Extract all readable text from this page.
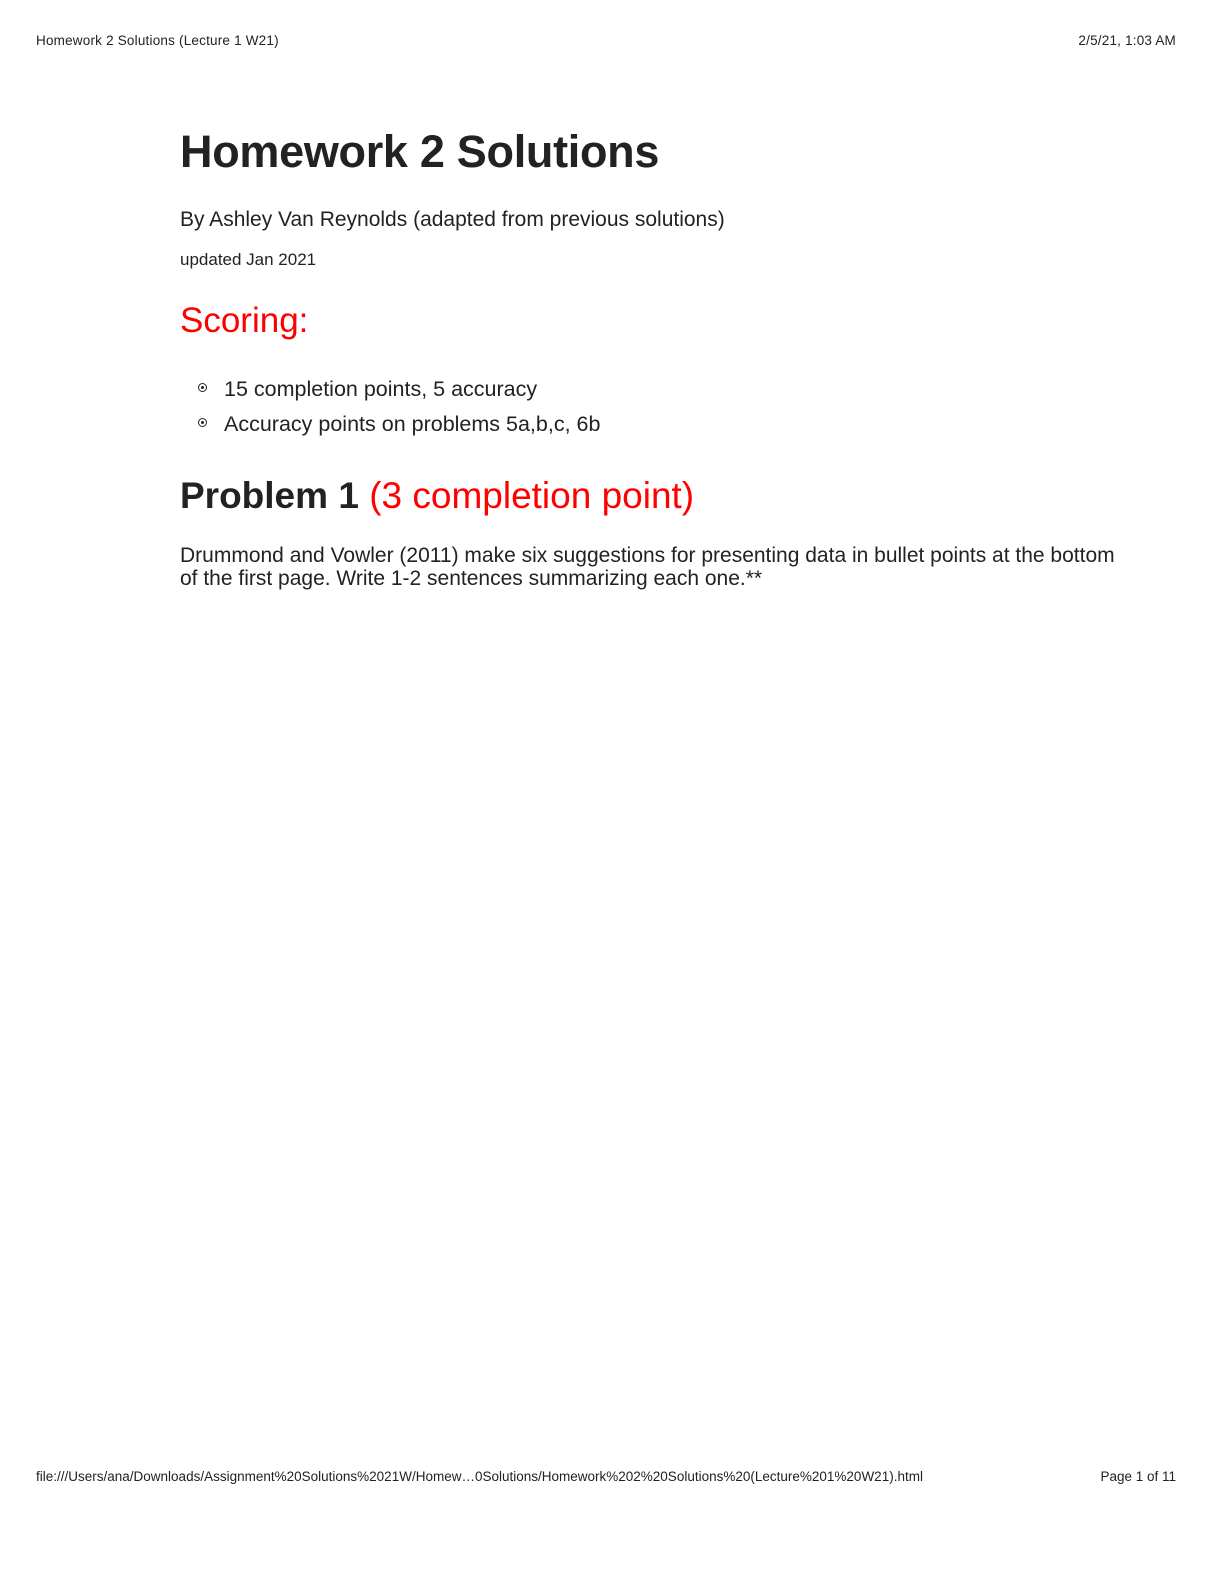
Homework 2 Solutions (Lecture 1 W21)	2/5/21, 1:03 AM
Homework 2 Solutions
By Ashley Van Reynolds (adapted from previous solutions)
updated Jan 2021
Scoring:
15 completion points, 5 accuracy
Accuracy points on problems 5a,b,c, 6b
Problem 1 (3 completion point)

Drummond and Vowler (2011) make six suggestions for presenting data in bullet points at the bottom of the first page. Write 1-2 sentences summarizing each one.**

file:///Users/ana/Downloads/Assignment%20Solutions%2021W/Homew…0Solutions/Homework%202%20Solutions%20(Lecture%201%20W21).html	Page 1 of 11
